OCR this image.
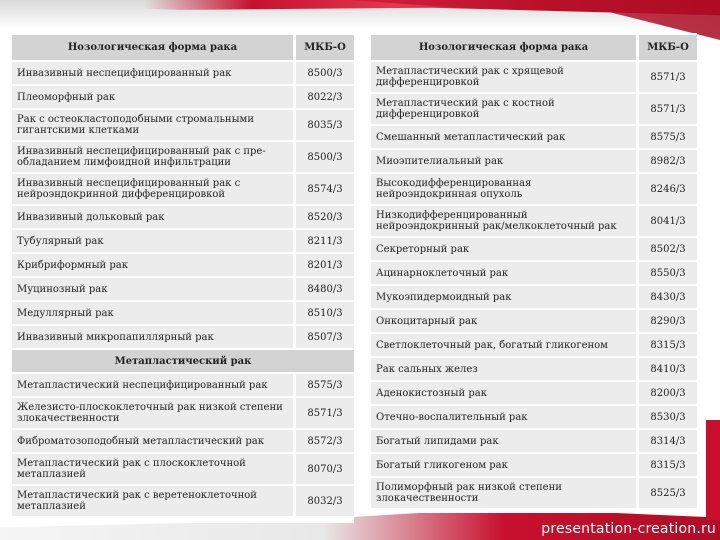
presentation-creation.ru
Нозологическая форма рака	МКБ-О
Инвазивный неспецифицированный рак	8500/3
Плеоморфный рак	8022/3
Рак с остеокластоподобными стромальными гигантскими клетками	8035/3
Инвазивный неспецифицированный рак с пре-обладанием лимфоидной инфильтрации	8500/3
Инвазивный неспецифицированный рак с нейроэндокринной дифференцировкой	8574/3
Инвазивный дольковый рак	8520/3
Тубулярный рак	8211/3
Крибриформный рак	8201/3
Муцинозный рак	8480/3
Медуллярный рак	8510/3
Инвазивный микропапиллярный рак	8507/3
Метапластический рак	
Метапластический неспецифицированный рак	8575/3
Железисто-плоскоклеточный рак низкой степени злокачественности	8571/3
Фиброматозоподобный метапластический рак	8572/3
Метапластический рак с плоскоклеточной метаплазией	8070/3
Метапластический рак с веретеноклеточной метаплазией	8032/3
Нозологическая форма рака	МКБ-О
Метапластический рак с хрящевой дифференцировкой	8571/3
Метапластический рак с костной дифференцировкой	8571/3
Смешанный метапластический рак	8575/3
Миоэпителиальный рак	8982/3
Высокодифференцированная нейроэндокринная опухоль	8246/3
Низкодифференцированный нейроэндокринный рак/мелкоклеточный рак	8041/3
Секреторный рак	8502/3
Ацинарноклеточный рак	8550/3
Мукоэпидермоидный рак	8430/3
Онкоцитарный рак	8290/3
Светлоклеточный рак, богатый гликогеном	8315/3
Рак сальных желез	8410/3
Аденокистозный рак	8200/3
Отечно-воспалительный рак	8530/3
Богатый липидами рак	8314/3
Богатый гликогеном рак	8315/3
Полиморфный рак низкой степени злокачественности	8525/3
